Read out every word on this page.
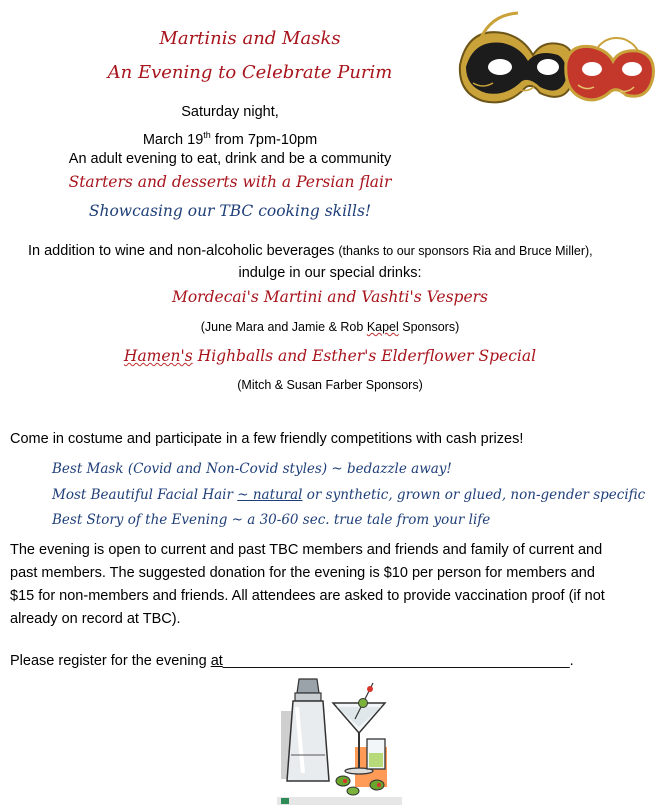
Martinis and Masks
An Evening to Celebrate Purim
Saturday night,
March 19th from 7pm-10pm
An adult evening to eat, drink and be a community
Starters and desserts with a Persian flair
Showcasing our TBC cooking skills!
In addition to wine and non-alcoholic beverages (thanks to our sponsors Ria and Bruce Miller),
indulge in our special drinks:
Mordecai's Martini and Vashti's Vespers
(June Mara and Jamie & Rob Kapel Sponsors)
Hamen's Highballs and Esther's Elderflower Special
(Mitch & Susan Farber Sponsors)
Come in costume and participate in a few friendly competitions with cash prizes!
Best Mask (Covid and Non-Covid styles) ~ bedazzle away!
Most Beautiful Facial Hair ~ natural or synthetic, grown or glued, non-gender specific
Best Story of the Evening ~ a 30-60 sec. true tale from your life
The evening is open to current and past TBC members and friends and family of current and
past members. The suggested donation for the evening is $10 per person for members and
$15 for non-members and friends. All attendees are asked to provide vaccination proof (if not
already on record at TBC).
Please register for the evening at___________________________________________.
